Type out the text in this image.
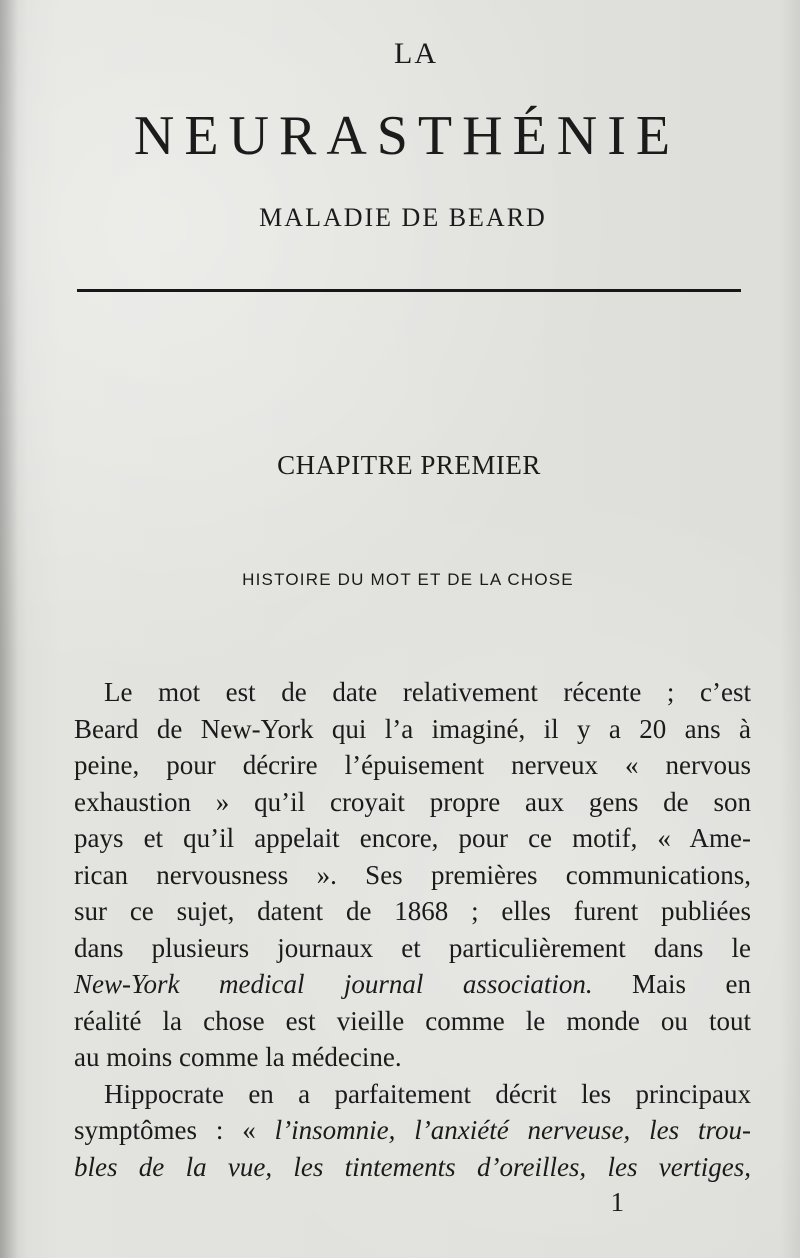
LA
NEURASTHÉNIE
MALADIE DE BEARD
CHAPITRE PREMIER
HISTOIRE DU MOT ET DE LA CHOSE
Le mot est de date relativement récente ; c’est
Beard de New-York qui l’a imaginé, il y a 20 ans à
peine, pour décrire l’épuisement nerveux « nervous
exhaustion » qu’il croyait propre aux gens de son
pays et qu’il appelait encore, pour ce motif, « Ame-
rican nervousness ». Ses premières communications,
sur ce sujet, datent de 1868 ; elles furent publiées
dans plusieurs journaux et particulièrement dans le
New-York medical journal association. Mais en
réalité la chose est vieille comme le monde ou tout
au moins comme la médecine.
Hippocrate en a parfaitement décrit les principaux
symptômes : « l’insomnie, l’anxiété nerveuse, les trou-
bles de la vue, les tintements d’oreilles, les vertiges,
1
